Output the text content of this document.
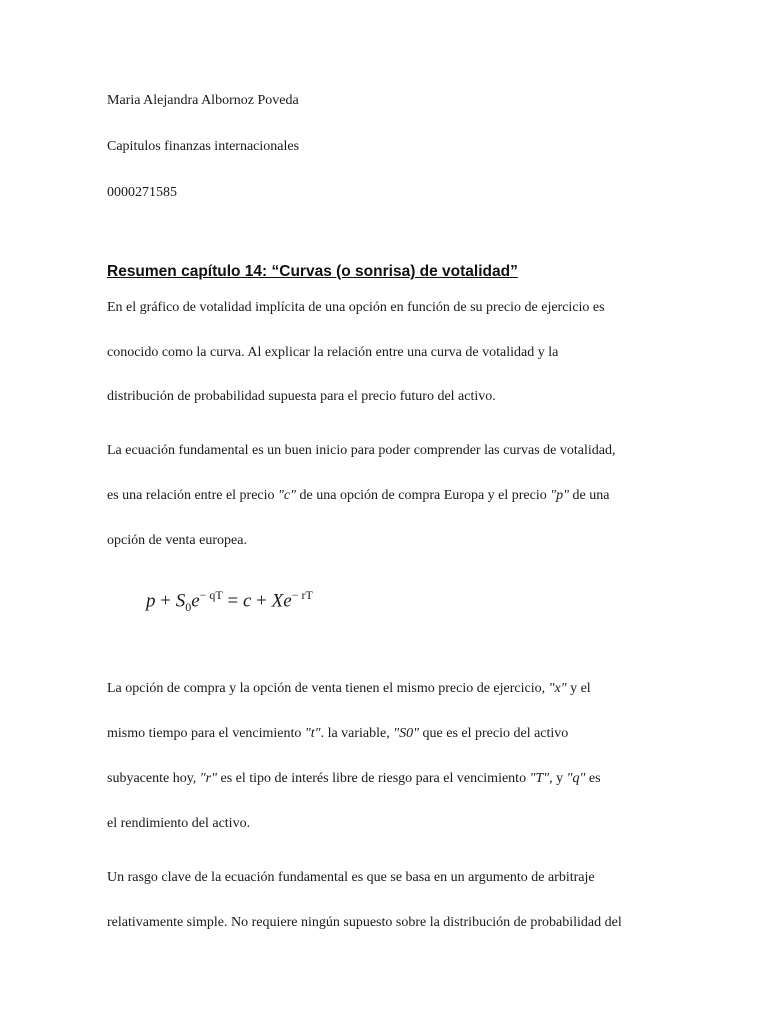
Maria Alejandra Albornoz Poveda
Capitulos finanzas internacionales
0000271585
Resumen capítulo 14: “Curvas (o sonrisa) de votalidad”
En el gráfico de votalidad implícita de una opción en función de su precio de ejercicio es
conocido como la curva. Al explicar la relación entre una curva de votalidad y la
distribución de probabilidad supuesta para el precio futuro del activo.
La ecuación fundamental es un buen inicio para poder comprender las curvas de votalidad,
es una relación entre el precio "c" de una opción de compra Europa y el precio "p" de una
opción de venta europea.
$p + S_0e^{- qT} = c + Xe^{- rT}$
La opción de compra y la opción de venta tienen el mismo precio de ejercicio, "x" y el
mismo tiempo para el vencimiento "t". la variable, "S0" que es el precio del activo
subyacente hoy, "r" es el tipo de interés libre de riesgo para el vencimiento "T", y "q" es
el rendimiento del activo.
Un rasgo clave de la ecuación fundamental es que se basa en un argumento de arbitraje
relativamente simple. No requiere ningún supuesto sobre la distribución de probabilidad del
